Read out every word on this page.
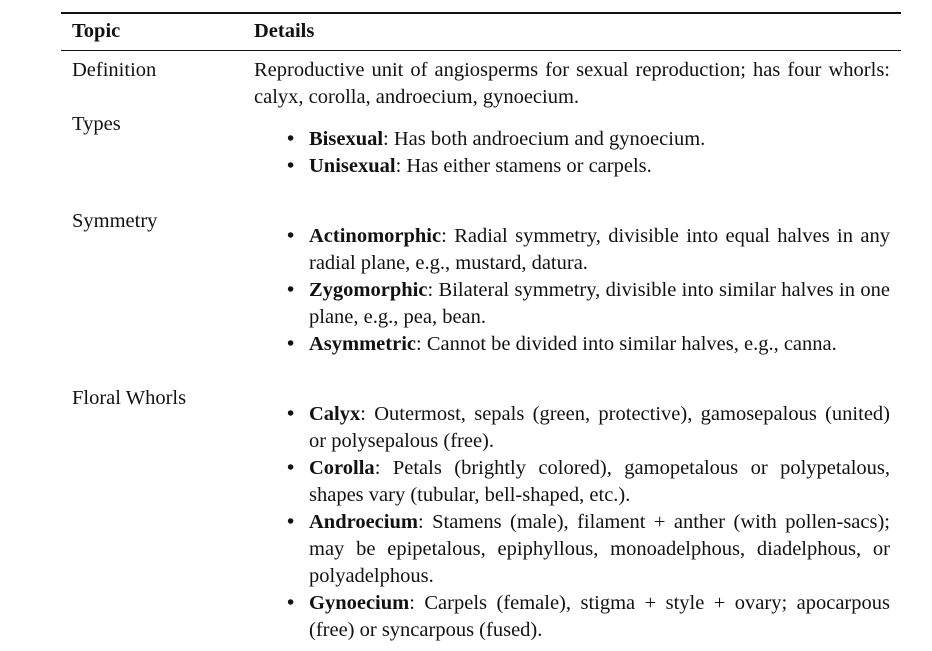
Topic	Details
Definition	Reproductive unit of angiosperms for sexual reproduction; has four whorls: calyx, corolla, androecium, gynoecium.
Types
• Bisexual: Has both androecium and gynoecium.
• Unisexual: Has either stamens or carpels.
Symmetry
• Actinomorphic: Radial symmetry, divisible into equal halves in any radial plane, e.g., mustard, datura.
• Zygomorphic: Bilateral symmetry, divisible into similar halves in one plane, e.g., pea, bean.
• Asymmetric: Cannot be divided into similar halves, e.g., canna.
Floral Whorls
• Calyx: Outermost, sepals (green, protective), gamosepalous (united) or polysepalous (free).
• Corolla: Petals (brightly colored), gamopetalous or polypetalous, shapes vary (tubular, bell-shaped, etc.).
• Androecium: Stamens (male), filament + anther (with pollen-sacs); may be epipetalous, epiphyllous, monoadelphous, diadelphous, or polyadelphous.
• Gynoecium: Carpels (female), stigma + style + ovary; apocarpous (free) or syncarpous (fused).
